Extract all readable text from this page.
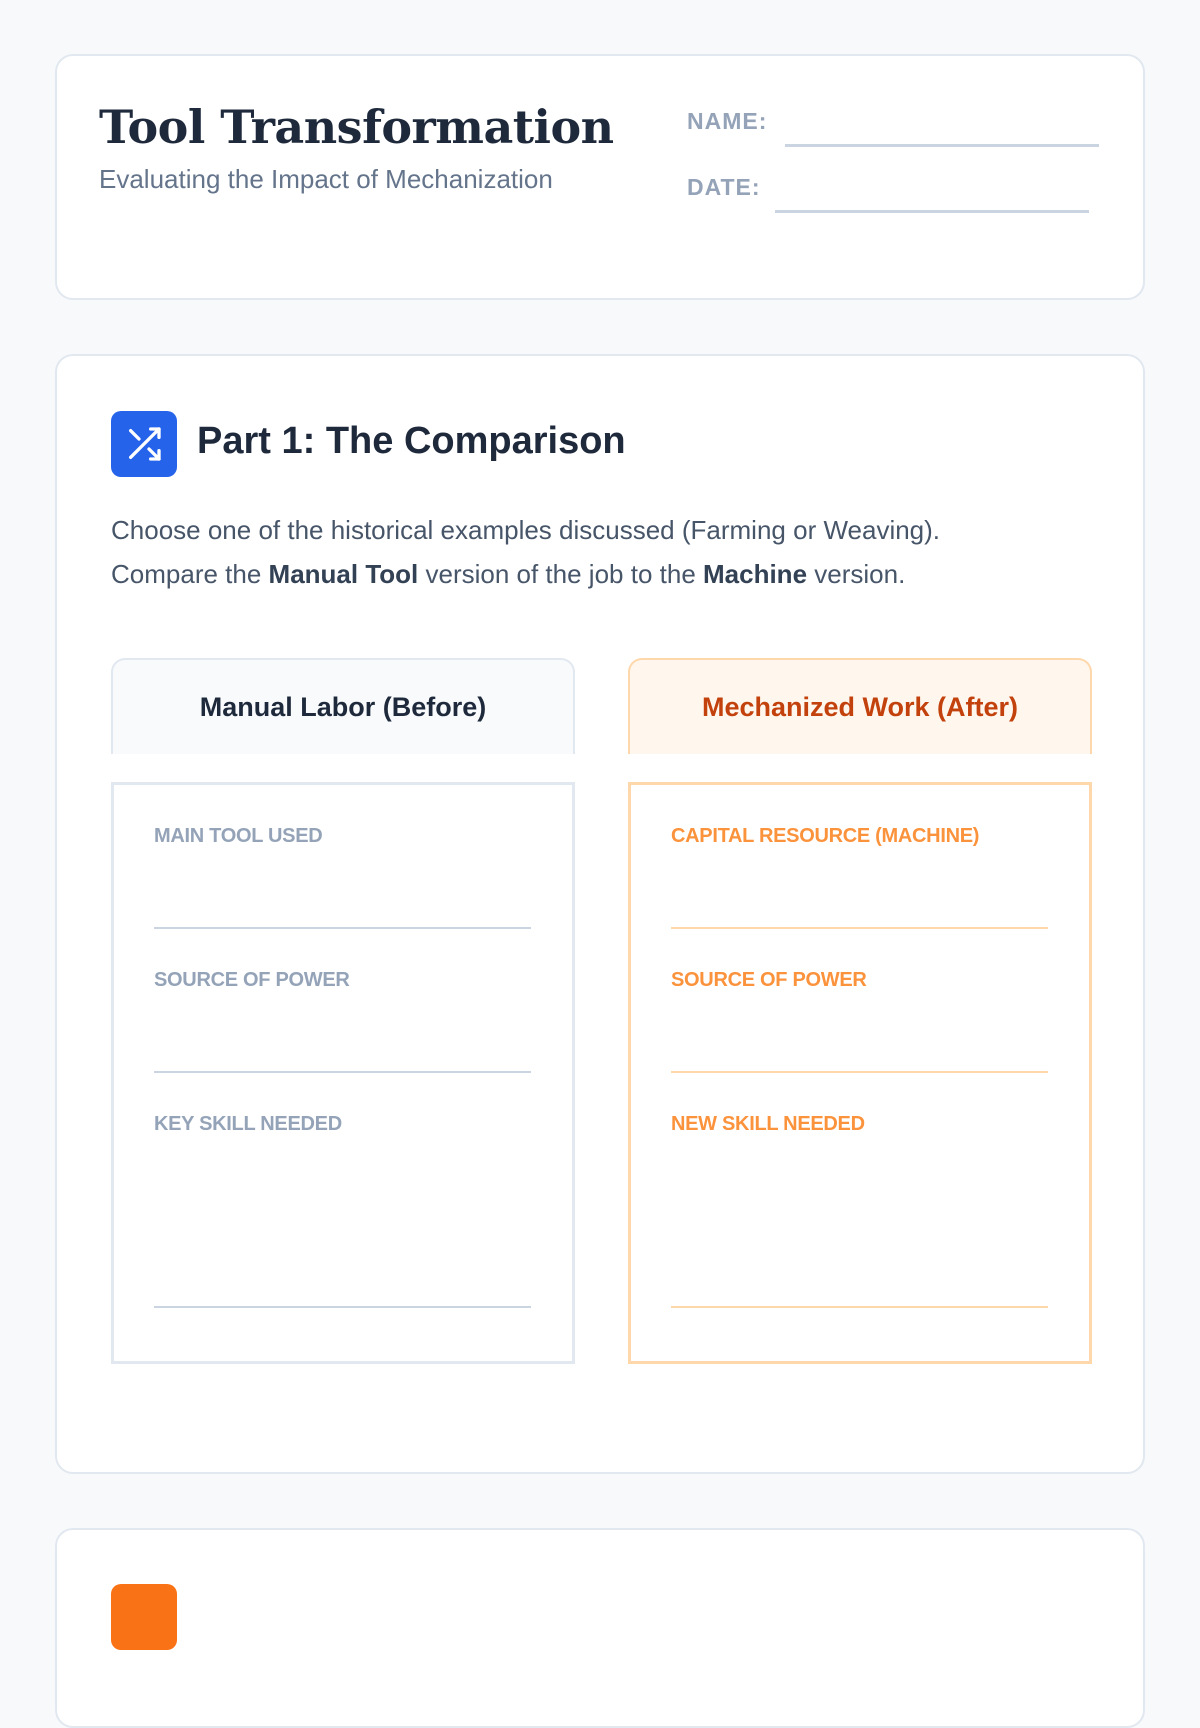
Tool Transformation
Evaluating the Impact of Mechanization
NAME:
DATE:
Part 1: The Comparison
Choose one of the historical examples discussed (Farming or Weaving).
Compare the Manual Tool version of the job to the Machine version.
Manual Labor (Before)
MAIN TOOL USED
SOURCE OF POWER
KEY SKILL NEEDED
Mechanized Work (After)
CAPITAL RESOURCE (MACHINE)
SOURCE OF POWER
NEW SKILL NEEDED
